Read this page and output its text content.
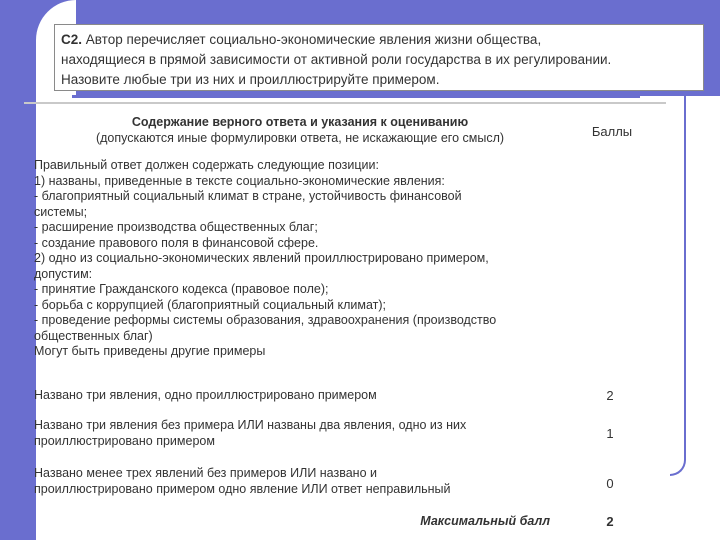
C2. Автор перечисляет социально-экономические явления жизни общества,
находящиеся в прямой зависимости от активной роли государства в их регулировании.
Назовите любые три из них и проиллюстрируйте примером.
Содержание верного ответа и указания к оцениванию
(допускаются иные формулировки ответа, не искажающие его смысл)	Баллы
Правильный ответ должен содержать следующие позиции:
1) названы, приведенные в тексте социально-экономические явления:
- благоприятный социальный климат в стране, устойчивость финансовой
системы;
- расширение производства общественных благ;
- создание правового поля в финансовой сфере.
2) одно из социально-экономических явлений проиллюстрировано примером,
допустим:
- принятие Гражданского кодекса (правовое поле);
- борьба с коррупцией (благоприятный социальный климат);
- проведение реформы системы образования, здравоохранения (производство
общественных благ)
Могут быть приведены другие примеры
Названо три явления, одно проиллюстрировано примером	2
Названо три явления без примера ИЛИ названы два явления, одно из них
проиллюстрировано примером	1
Названо менее трех явлений без примеров ИЛИ названо и
проиллюстрировано примером одно явление ИЛИ ответ неправильный	0
Максимальный балл	2
